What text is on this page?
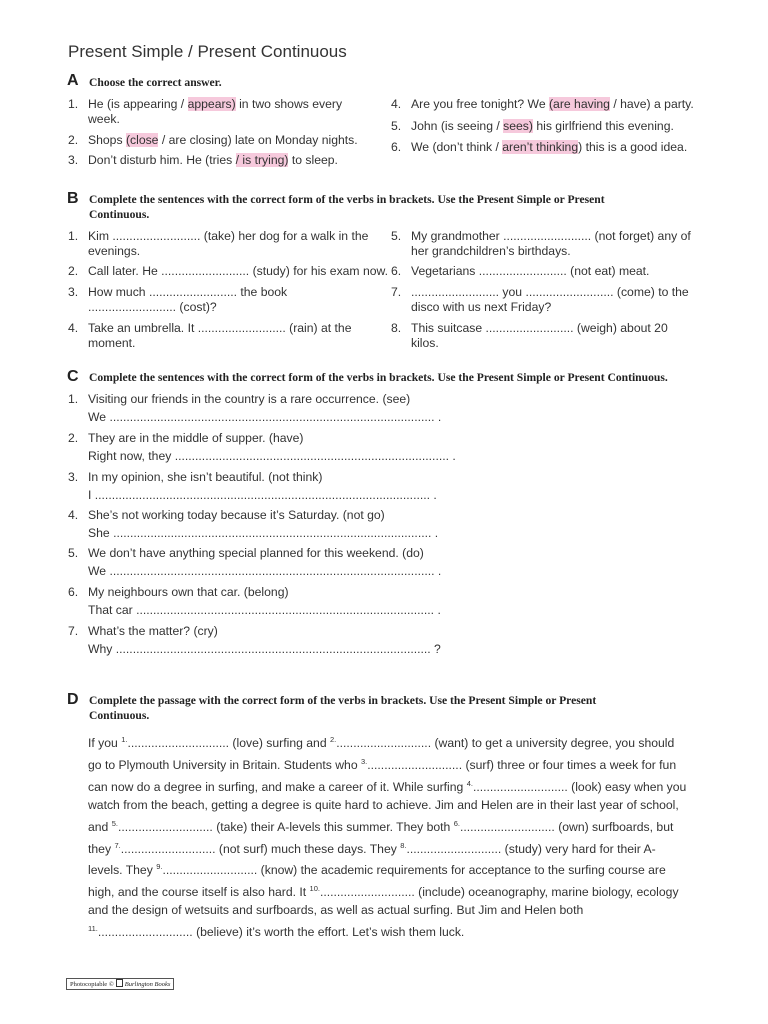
Present Simple / Present Continuous
A Choose the correct answer.
1. He (is appearing / appears) in two shows every
week.
2. Shops (close / are closing) late on Monday nights.
3. Don’t disturb him. He (tries / is trying) to sleep.
4. Are you free tonight? We (are having / have) a party.
5. John (is seeing / sees) his girlfriend this evening.
6. We (don’t think / aren’t thinking) this is a good idea.
B Complete the sentences with the correct form of the verbs in brackets. Use the Present Simple or Present
Continuous.
1. Kim .......................... (take) her dog for a walk in the
evenings.
2. Call later. He .......................... (study) for his exam now.
3. How much .......................... the book
.......................... (cost)?
4. Take an umbrella. It .......................... (rain) at the
moment.
5. My grandmother .......................... (not forget) any of
her grandchildren’s birthdays.
6. Vegetarians .......................... (not eat) meat.
7. .......................... you .......................... (come) to the
disco with us next Friday?
8. This suitcase .......................... (weigh) about 20
kilos.
C Complete the sentences with the correct form of the verbs in brackets. Use the Present Simple or Present Continuous.
1. Visiting our friends in the country is a rare occurrence. (see)
We ................................................................................................ .
2. They are in the middle of supper. (have)
Right now, they ................................................................................. .
3. In my opinion, she isn’t beautiful. (not think)
I ................................................................................................... .
4. She’s not working today because it’s Saturday. (not go)
She .............................................................................................. .
5. We don’t have anything special planned for this weekend. (do)
We ................................................................................................ .
6. My neighbours own that car. (belong)
That car ........................................................................................ .
7. What’s the matter? (cry)
Why ............................................................................................. ?
D Complete the passage with the correct form of the verbs in brackets. Use the Present Simple or Present
Continuous.
If you $^{1.}$.............................. (love) surfing and $^{2.}$............................ (want) to get a university degree, you should
go to Plymouth University in Britain. Students who $^{3.}$............................ (surf) three or four times a week for fun
can now do a degree in surfing, and make a career of it. While surfing $^{4.}$............................ (look) easy when you
watch from the beach, getting a degree is quite hard to achieve. Jim and Helen are in their last year of school,
and $^{5.}$............................ (take) their A-levels this summer. They both $^{6.}$............................ (own) surfboards, but
they $^{7.}$............................ (not surf) much these days. They $^{8.}$............................ (study) very hard for their A-
levels. They $^{9.}$............................ (know) the academic requirements for acceptance to the surfing course are
high, and the course itself is also hard. It $^{10.}$............................ (include) oceanography, marine biology, ecology
and the design of wetsuits and surfboards, as well as actual surfing. But Jim and Helen both
$^{11.}$............................ (believe) it’s worth the effort. Let’s wish them luck.
Photocopiable © Burlington Books
